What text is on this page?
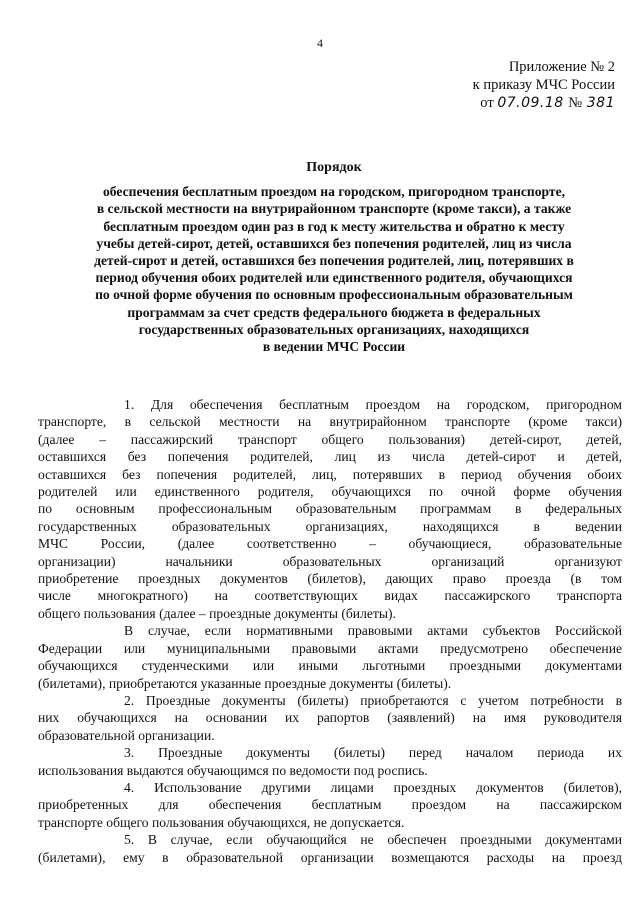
4
Приложение № 2
к приказу МЧС России
от 07.09.18 № 381
Порядок
обеспечения бесплатным проездом на городском, пригородном транспорте,
в сельской местности на внутрирайонном транспорте (кроме такси), а также
бесплатным проездом один раз в год к месту жительства и обратно к месту
учебы детей-сирот, детей, оставшихся без попечения родителей, лиц из числа
детей-сирот и детей, оставшихся без попечения родителей, лиц, потерявших в
период обучения обоих родителей или единственного родителя, обучающихся
по очной форме обучения по основным профессиональным образовательным
программам за счет средств федерального бюджета в федеральных
государственных образовательных организациях, находящихся
в ведении МЧС России
1. Для обеспечения бесплатным проездом на городском, пригородном
транспорте, в сельской местности на внутрирайонном транспорте (кроме такси)
(далее – пассажирский транспорт общего пользования) детей-сирот, детей,
оставшихся без попечения родителей, лиц из числа детей-сирот и детей,
оставшихся без попечения родителей, лиц, потерявших в период обучения обоих
родителей или единственного родителя, обучающихся по очной форме обучения
по основным профессиональным образовательным программам в федеральных
государственных образовательных организациях, находящихся в ведении
МЧС России, (далее соответственно – обучающиеся, образовательные
организации) начальники образовательных организаций организуют
приобретение проездных документов (билетов), дающих право проезда (в том
числе многократного) на соответствующих видах пассажирского транспорта
общего пользования (далее – проездные документы (билеты).
В случае, если нормативными правовыми актами субъектов Российской
Федерации или муниципальными правовыми актами предусмотрено обеспечение
обучающихся студенческими или иными льготными проездными документами
(билетами), приобретаются указанные проездные документы (билеты).
2. Проездные документы (билеты) приобретаются с учетом потребности в
них обучающихся на основании их рапортов (заявлений) на имя руководителя
образовательной организации.
3. Проездные документы (билеты) перед началом периода их
использования выдаются обучающимся по ведомости под роспись.
4. Использование другими лицами проездных документов (билетов),
приобретенных для обеспечения бесплатным проездом на пассажирском
транспорте общего пользования обучающихся, не допускается.
5. В случае, если обучающийся не обеспечен проездными документами
(билетами), ему в образовательной организации возмещаются расходы на проезд
